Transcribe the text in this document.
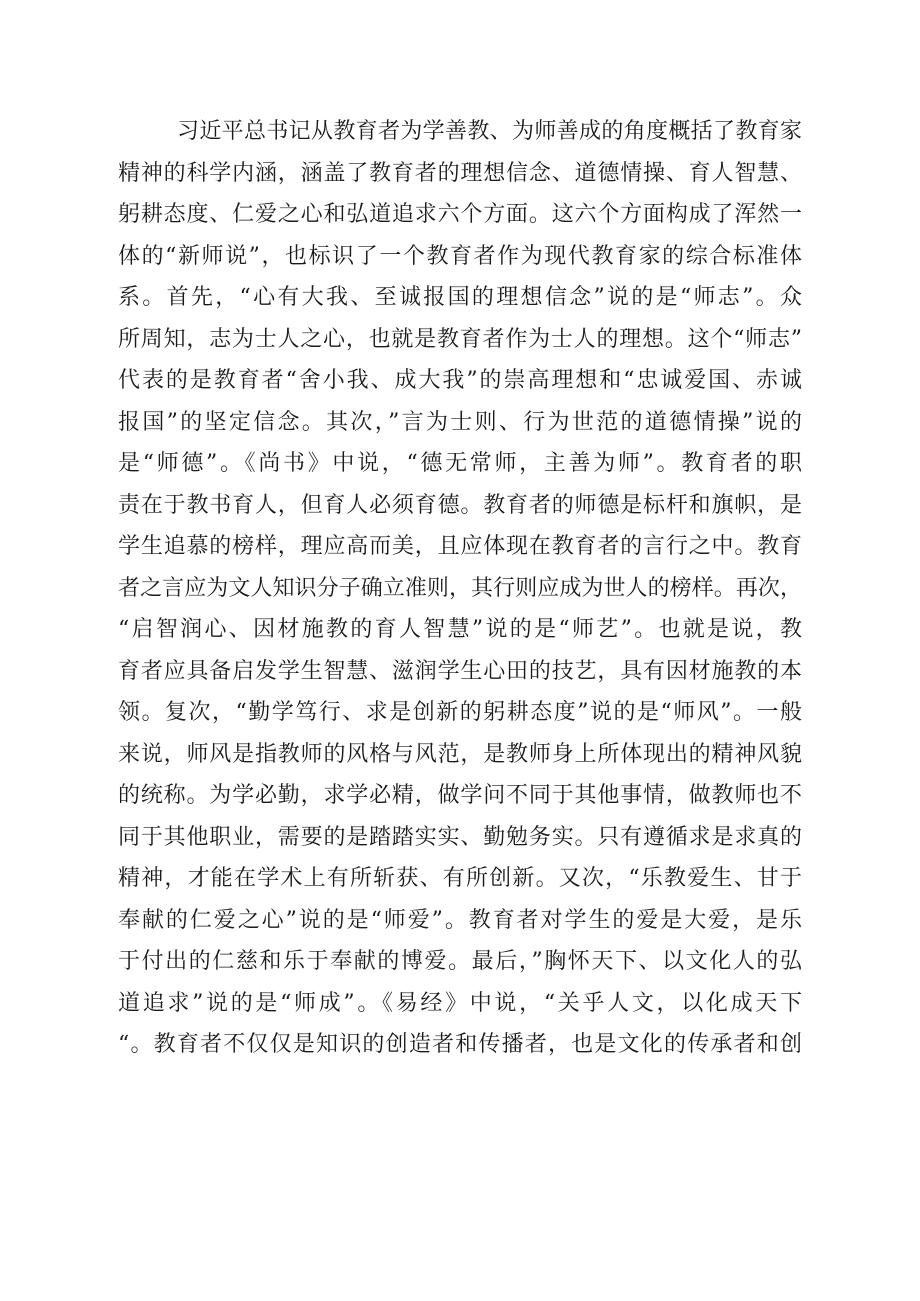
习近平总书记从教育者为学善教、为师善成的角度概括了教育家
精神的科学内涵，涵盖了教育者的理想信念、道德情操、育人智慧、
躬耕态度、仁爱之心和弘道追求六个方面。这六个方面构成了浑然一
体的“新师说”，也标识了一个教育者作为现代教育家的综合标准体
系。首先，“心有大我、至诚报国的理想信念”说的是“师志”。众
所周知，志为士人之心，也就是教育者作为士人的理想。这个“师志”
代表的是教育者“舍小我、成大我”的崇高理想和“忠诚爱国、赤诚
报国”的坚定信念。其次，”言为士则、行为世范的道德情操”说的
是“师德”。《尚书》中说，“德无常师，主善为师”。教育者的职
责在于教书育人，但育人必须育德。教育者的师德是标杆和旗帜，是
学生追慕的榜样，理应高而美，且应体现在教育者的言行之中。教育
者之言应为文人知识分子确立准则，其行则应成为世人的榜样。再次，
“启智润心、因材施教的育人智慧”说的是“师艺”。也就是说，教
育者应具备启发学生智慧、滋润学生心田的技艺，具有因材施教的本
领。复次，“勤学笃行、求是创新的躬耕态度”说的是“师风”。一般
来说，师风是指教师的风格与风范，是教师身上所体现出的精神风貌
的统称。为学必勤，求学必精，做学问不同于其他事情，做教师也不
同于其他职业，需要的是踏踏实实、勤勉务实。只有遵循求是求真的
精神，才能在学术上有所斩获、有所创新。又次，“乐教爱生、甘于
奉献的仁爱之心”说的是“师爱”。教育者对学生的爱是大爱，是乐
于付出的仁慈和乐于奉献的博爱。最后，”胸怀天下、以文化人的弘
道追求”说的是“师成”。《易经》中说，“关乎人文，以化成天下
“。教育者不仅仅是知识的创造者和传播者，也是文化的传承者和创
